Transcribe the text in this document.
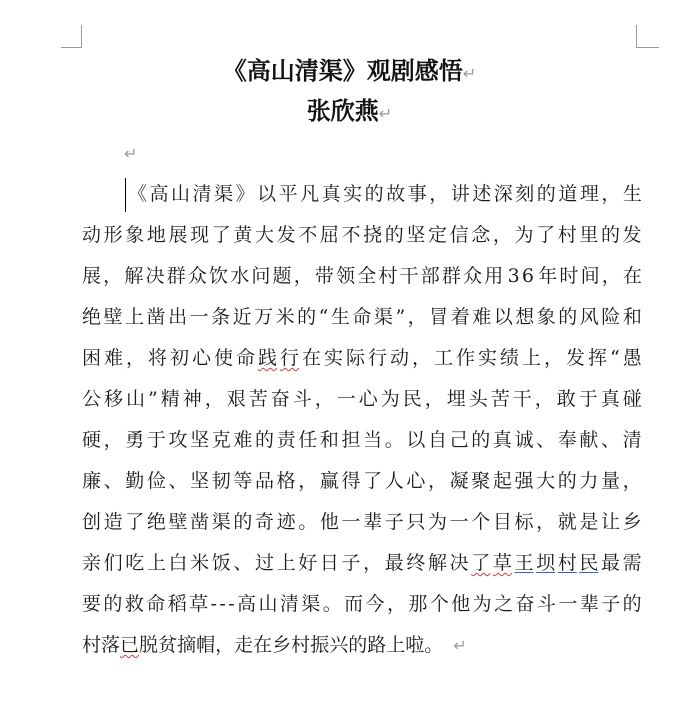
《高山清渠》观剧感悟↵
张欣燕↵
↵
《 高 山 清 渠 》 以 平 凡 真 实 的 故 事 ， 讲 述 深 刻 的 道 理 ， 生
动 形 象 地 展 现 了 黄 大 发 不 屈 不 挠 的 坚 定 信 念 ， 为 了 村 里 的 发
展 ， 解 决 群 众 饮 水 问 题 ， 带 领 全 村 干 部 群 众 用 3 6 年 时 间 ， 在
绝 壁 上 凿 出 一 条 近 万 米 的 “ 生 命 渠 ” ， 冒 着 难 以 想 象 的 风 险 和
困 难 ， 将 初 心 使 命 践 行 在 实 际 行 动 ， 工 作 实 绩 上 ， 发 挥 “ 愚
公 移 山 ” 精 神 ， 艰 苦 奋 斗 ， 一 心 为 民 ， 埋 头 苦 干 ， 敢 于 真 碰
硬 ， 勇 于 攻 坚 克 难 的 责 任 和 担 当 。 以 自 己 的 真 诚 、 奉 献 、 清
廉 、 勤 俭 、 坚 韧 等 品 格 ， 赢 得 了 人 心 ， 凝 聚 起 强 大 的 力 量 ，
创 造 了 绝 壁 凿 渠 的 奇 迹 。 他 一 辈 子 只 为 一 个 目 标 ， 就 是 让 乡
亲 们 吃 上 白 米 饭 、 过 上 好 日 子 ， 最 终 解 决 了 草 王 坝 村 民 最 需
要 的 救 命 稻 草 - - - 高 山 清 渠 。 而 今 ， 那 个 他 为 之 奋 斗 一 辈 子 的
村 落 已 脱 贫 摘 帽 ， 走 在 乡 村 振 兴 的 路 上 啦 。 ↵
